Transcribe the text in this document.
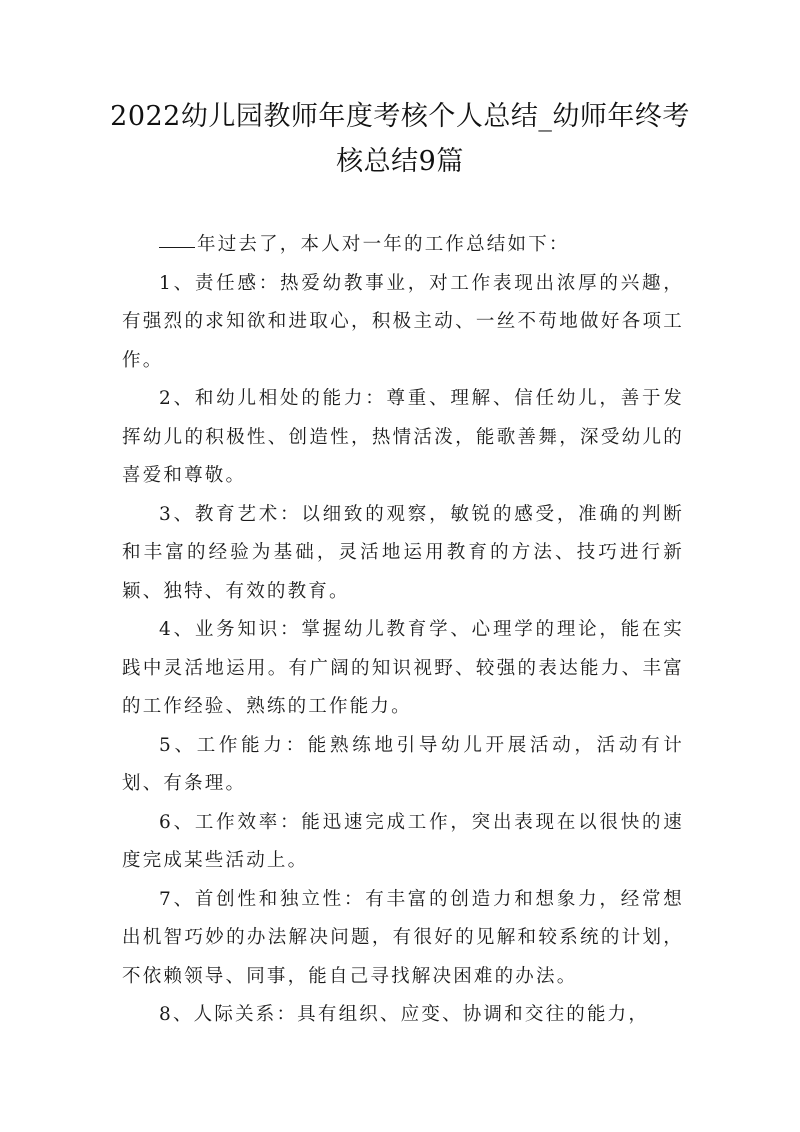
2022幼儿园教师年度考核个人总结_幼师年终考核总结9篇

年过去了，本人对一年的工作总结如下：

1、责任感：热爱幼教事业，对工作表现出浓厚的兴趣，有强烈的求知欲和进取心，积极主动、一丝不苟地做好各项工作。

2、和幼儿相处的能力：尊重、理解、信任幼儿，善于发挥幼儿的积极性、创造性，热情活泼，能歌善舞，深受幼儿的喜爱和尊敬。

3、教育艺术：以细致的观察，敏锐的感受，准确的判断和丰富的经验为基础，灵活地运用教育的方法、技巧进行新颖、独特、有效的教育。

4、业务知识：掌握幼儿教育学、心理学的理论，能在实践中灵活地运用。有广阔的知识视野、较强的表达能力、丰富的工作经验、熟练的工作能力。

5、工作能力：能熟练地引导幼儿开展活动，活动有计划、有条理。

6、工作效率：能迅速完成工作，突出表现在以很快的速度完成某些活动上。

7、首创性和独立性：有丰富的创造力和想象力，经常想出机智巧妙的办法解决问题，有很好的见解和较系统的计划，不依赖领导、同事，能自己寻找解决困难的办法。

8、人际关系：具有组织、应变、协调和交往的能力，
